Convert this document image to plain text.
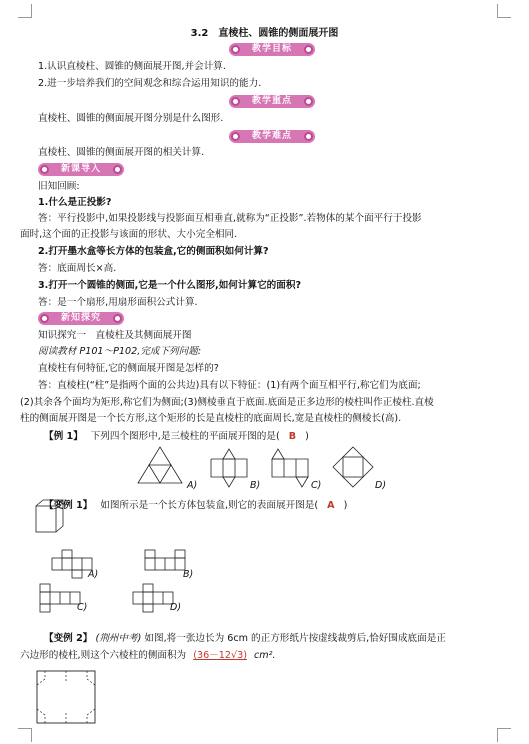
3.2　直棱柱、圆锥的侧面展开图
教学目标
1.认识直棱柱、圆锥的侧面展开图,并会计算.
2.进一步培养我们的空间观念和综合运用知识的能力.
教学重点
直棱柱、圆锥的侧面展开图分别是什么图形.
教学难点
直棱柱、圆锥的侧面展开图的相关计算.
新课导入
旧知回顾:
1.什么是正投影?
答：平行投影中,如果投影线与投影面互相垂直,就称为“正投影”.若物体的某个面平行于投影
面时,这个面的正投影与该面的形状、大小完全相同.
2.打开墨水盒等长方体的包装盒,它的侧面积如何计算?
答：底面周长×高.
3.打开一个圆锥的侧面,它是一个什么图形,如何计算它的面积?
答：是一个扇形,用扇形面积公式计算.
新知探究
知识探究一　直棱柱及其侧面展开图
阅读教材 P101～P102,完成下列问题:
直棱柱有何特征,它的侧面展开图是怎样的?
答：直棱柱(“柱”是指两个面的公共边)具有以下特征：(1)有两个面互相平行,称它们为底面;
(2)其余各个面均为矩形,称它们为侧面;(3)侧棱垂直于底面.底面是正多边形的棱柱叫作正棱柱.直棱
柱的侧面展开图是一个长方形,这个矩形的长是直棱柱的底面周长,宽是直棱柱的侧棱长(高).
【例 1】　 下列四个图形中,是三棱柱的平面展开图的是( B )
A)	B)	C)	D)
【变例 1】　 如图所示是一个长方体包装盒,则它的表面展开图是( A )
A)	B)
C)	D)
【变例 2】 (荆州中考) 如图,将一张边长为 6cm 的正方形纸片按虚线裁剪后,恰好围成底面是正
六边形的棱柱,则这个六棱柱的侧面积为 (36－12√3) cm².
